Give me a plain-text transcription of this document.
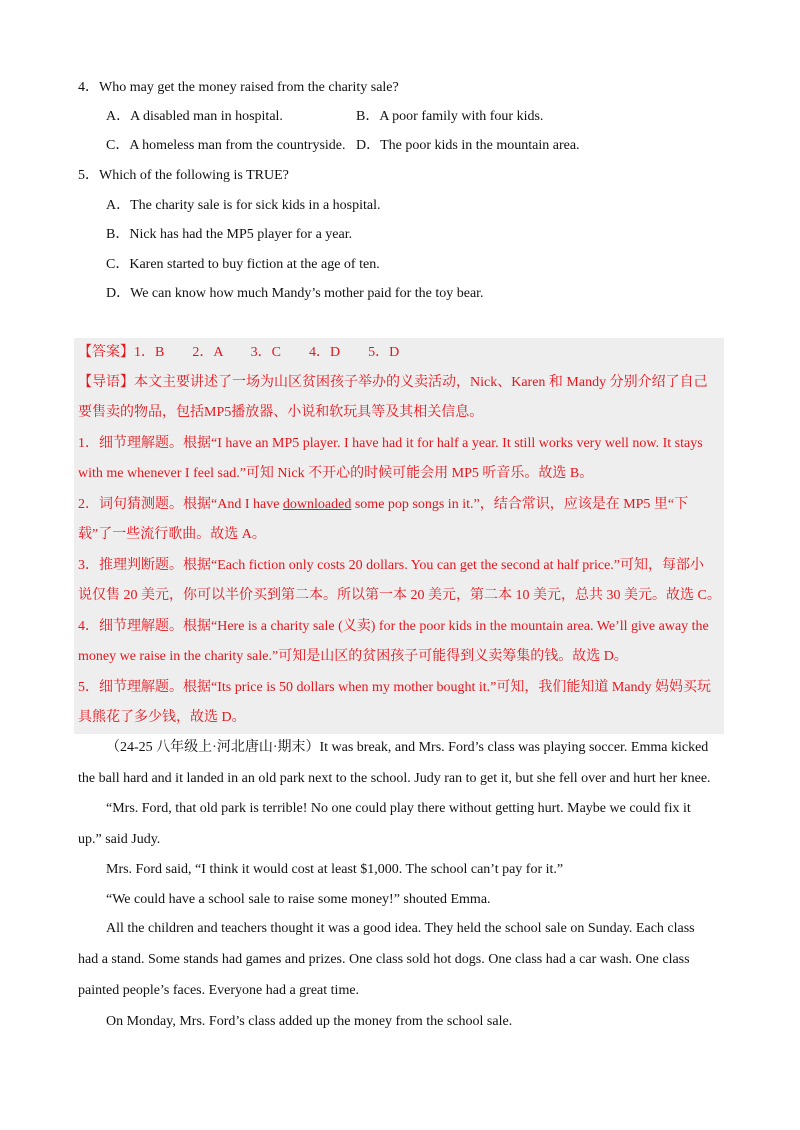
4．Who may get the money raised from the charity sale?
A．A disabled man in hospital.	B．A poor family with four kids.
C．A homeless man from the countryside. D．The poor kids in the mountain area.
5．Which of the following is TRUE?
A．The charity sale is for sick kids in a hospital.
B．Nick has had the MP5 player for a year.
C．Karen started to buy fiction at the age of ten.
D．We can know how much Mandy’s mother paid for the toy bear.
【答案】1．B　　2．A　　3．C　　4．D　　5．D
【导语】本文主要讲述了一场为山区贫困孩子举办的义卖活动，Nick、Karen 和 Mandy 分别介绍了自己
要售卖的物品，包括MP5播放器、小说和软玩具等及其相关信息。
1．细节理解题。根据“I have an MP5 player. I have had it for half a year. It still works very well now. It stays
with me whenever I feel sad.”可知 Nick 不开心的时候可能会用 MP5 听音乐。故选 B。
2．词句猜测题。根据“And I have downloaded some pop songs in it.”，结合常识，应该是在 MP5 里“下
载”了一些流行歌曲。故选 A。
3．推理判断题。根据“Each fiction only costs 20 dollars. You can get the second at half price.”可知，每部小
说仅售 20 美元，你可以半价买到第二本。所以第一本 20 美元，第二本 10 美元，总共 30 美元。故选 C。
4．细节理解题。根据“Here is a charity sale (义卖) for the poor kids in the mountain area. We’ll give away the
money we raise in the charity sale.”可知是山区的贫困孩子可能得到义卖筹集的钱。故选 D。
5．细节理解题。根据“Its price is 50 dollars when my mother bought it.”可知，我们能知道 Mandy 妈妈买玩
具熊花了多少钱，故选 D。
（24-25 八年级上·河北唐山·期末）It was break, and Mrs. Ford’s class was playing soccer. Emma kicked
the ball hard and it landed in an old park next to the school. Judy ran to get it, but she fell over and hurt her knee.
“Mrs. Ford, that old park is terrible! No one could play there without getting hurt. Maybe we could fix it
up.” said Judy.
Mrs. Ford said, “I think it would cost at least $1,000. The school can’t pay for it.”
“We could have a school sale to raise some money!” shouted Emma.
All the children and teachers thought it was a good idea. They held the school sale on Sunday. Each class
had a stand. Some stands had games and prizes. One class sold hot dogs. One class had a car wash. One class
painted people’s faces. Everyone had a great time.
On Monday, Mrs. Ford’s class added up the money from the school sale.
